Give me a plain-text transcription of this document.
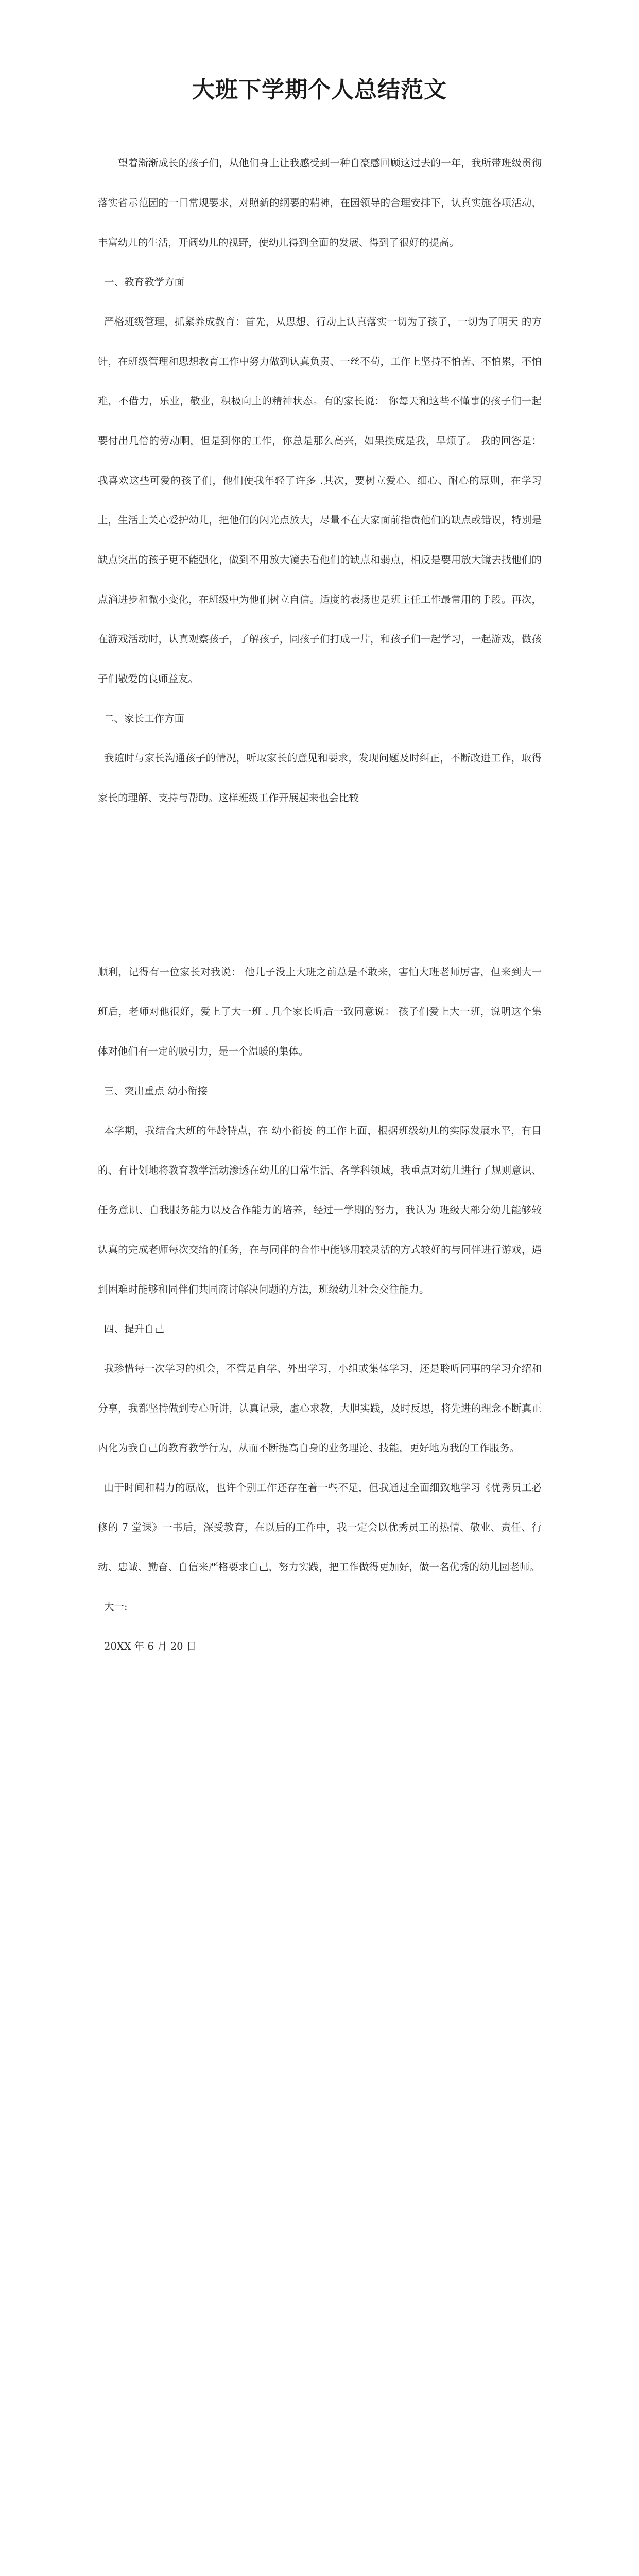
大班下学期个人总结范文

望着渐渐成长的孩子们，从他们身上让我感受到一种自豪感回顾这过去的一年，我所带班级贯彻落实省示范园的一日常规要求，对照新的纲要的精神，在园领导的合理安排下，认真实施各项活动，丰富幼儿的生活，开阔幼儿的视野，使幼儿得到全面的发展、得到了很好的提高。

一、教育教学方面

严格班级管理，抓紧养成教育：首先，从思想、行动上认真落实一切为了孩子，一切为了明天 的方针，在班级管理和思想教育工作中努力做到认真负责、一丝不苟，工作上坚持不怕苦、不怕累，不怕难，不借力，乐业，敬业，积极向上的精神状态。有的家长说： 你每天和这些不懂事的孩子们一起要付出几倍的劳动啊，但是到你的工作，你总是那么高兴，如果换成是我，早烦了。 我的回答是：我喜欢这些可爱的孩子们，他们使我年轻了许多 .其次，要树立爱心、细心、耐心的原则，在学习上，生活上关心爱护幼儿，把他们的闪光点放大，尽量不在大家面前指责他们的缺点或错误，特别是缺点突出的孩子更不能强化，做到不用放大镜去看他们的缺点和弱点，相反是要用放大镜去找他们的点滴进步和微小变化，在班级中为他们树立自信。适度的表扬也是班主任工作最常用的手段。再次，在游戏活动时，认真观察孩子，了解孩子，同孩子们打成一片，和孩子们一起学习，一起游戏，做孩子们敬爱的良师益友。

二、家长工作方面

我随时与家长沟通孩子的情况，听取家长的意见和要求，发现问题及时纠正，不断改进工作，取得家长的理解、支持与帮助。这样班级工作开展起来也会比较

顺利，记得有一位家长对我说： 他儿子没上大班之前总是不敢来，害怕大班老师厉害，但来到大一班后，老师对他很好，爱上了大一班 . 几个家长听后一致同意说： 孩子们爱上大一班，说明这个集体对他们有一定的吸引力，是一个温暖的集体。

三、突出重点 幼小衔接

本学期，我结合大班的年龄特点，在 幼小衔接 的工作上面，根据班级幼儿的实际发展水平，有目的、有计划地将教育教学活动渗透在幼儿的日常生活、各学科领域，我重点对幼儿进行了规则意识、任务意识、自我服务能力以及合作能力的培养，经过一学期的努力，我认为 班级大部分幼儿能够较认真的完成老师每次交给的任务，在与同伴的合作中能够用较灵活的方式较好的与同伴进行游戏，遇到困难时能够和同伴们共同商讨解决问题的方法，班级幼儿社会交往能力。

四、提升自己

我珍惜每一次学习的机会，不管是自学、外出学习，小组或集体学习，还是聆听同事的学习介绍和分享，我都坚持做到专心听讲，认真记录，虚心求教，大胆实践，及时反思，将先进的理念不断真正内化为我自己的教育教学行为，从而不断提高自身的业务理论、技能，更好地为我的工作服务。

由于时间和精力的原故，也许个别工作还存在着一些不足，但我通过全面细致地学习《优秀员工必修的 7 堂课》一书后，深受教育，在以后的工作中，我一定会以优秀员工的热情、敬业、责任、行动、忠诚、勤奋、自信来严格要求自己，努力实践，把工作做得更加好，做一名优秀的幼儿园老师。

大一:

20XX 年 6 月 20 日
